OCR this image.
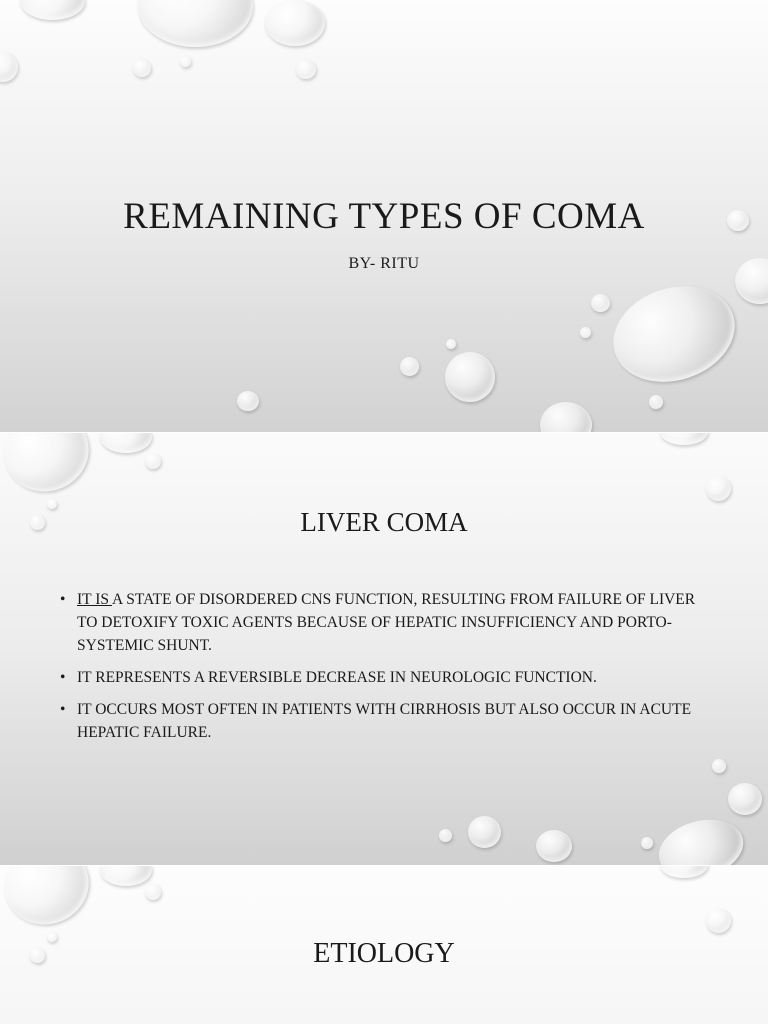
REMAINING TYPES OF COMA
BY- RITU
LIVER COMA
• IT IS A STATE OF DISORDERED CNS FUNCTION, RESULTING FROM FAILURE OF LIVER TO DETOXIFY TOXIC AGENTS BECAUSE OF HEPATIC INSUFFICIENCY AND PORTO-SYSTEMIC SHUNT.
• IT REPRESENTS A REVERSIBLE DECREASE IN NEUROLOGIC FUNCTION.
• IT OCCURS MOST OFTEN IN PATIENTS WITH CIRRHOSIS BUT ALSO OCCUR IN ACUTE HEPATIC FAILURE.
ETIOLOGY
